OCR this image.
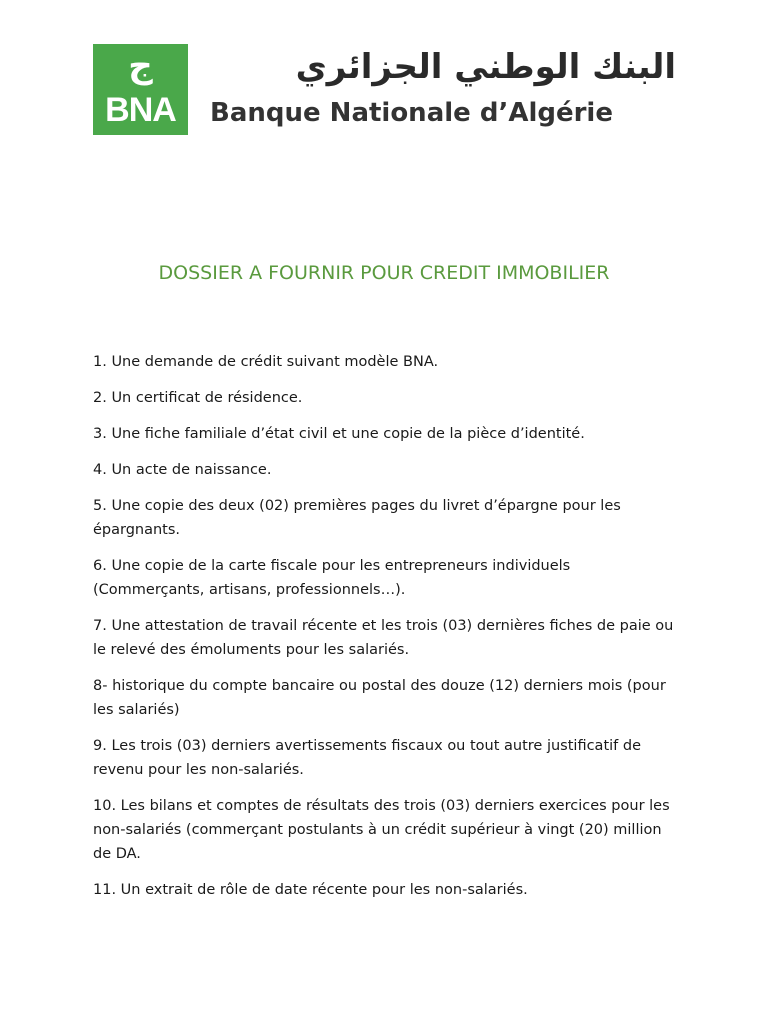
ج
BNA
البنك الوطني الجزائري
Banque Nationale d’Algérie
DOSSIER A FOURNIR POUR CREDIT IMMOBILIER
1. Une demande de crédit suivant modèle BNA.
2. Un certificat de résidence.
3. Une fiche familiale d’état civil et une copie de la pièce d’identité.
4. Un acte de naissance.
5. Une copie des deux (02) premières pages du livret d’épargne pour les épargnants.
6. Une copie de la carte fiscale pour les entrepreneurs individuels (Commerçants, artisans, professionnels…).
7. Une attestation de travail récente et les trois (03) dernières fiches de paie ou le relevé des émoluments pour les salariés.
8- historique du compte bancaire ou postal des douze (12) derniers mois (pour les salariés)
9. Les trois (03) derniers avertissements fiscaux ou tout autre justificatif de revenu pour les non-salariés.
10. Les bilans et comptes de résultats des trois (03) derniers exercices pour les non-salariés (commerçant postulants à un crédit supérieur à vingt (20) million de DA.
11. Un extrait de rôle de date récente pour les non-salariés.
